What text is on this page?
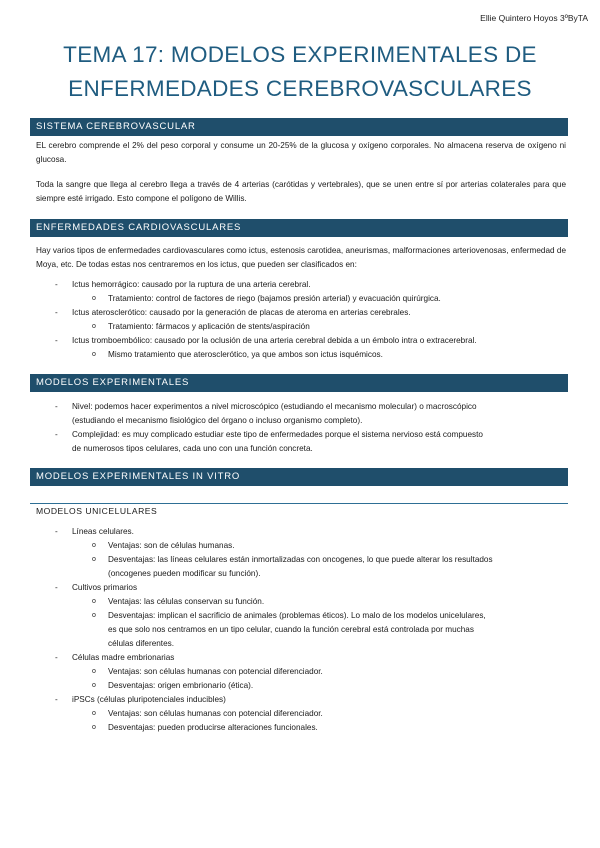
Ellie Quintero Hoyos 3ºByTA
TEMA 17: MODELOS EXPERIMENTALES DE
ENFERMEDADES CEREBROVASCULARES
SISTEMA CEREBROVASCULAR
EL cerebro comprende el 2% del peso corporal y consume un 20-25% de la glucosa y oxígeno corporales. No almacena reserva de oxígeno ni glucosa.
Toda la sangre que llega al cerebro llega a través de 4 arterias (carótidas y vertebrales), que se unen entre sí por arterias colaterales para que siempre esté irrigado. Esto compone el polígono de Willis.
ENFERMEDADES CARDIOVASCULARES
Hay varios tipos de enfermedades cardiovasculares como ictus, estenosis carotidea, aneurismas, malformaciones arteriovenosas, enfermedad de Moya, etc. De todas estas nos centraremos en los ictus, que pueden ser clasificados en:
- Ictus hemorrágico: causado por la ruptura de una arteria cerebral.
o Tratamiento: control de factores de riego (bajamos presión arterial) y evacuación quirúrgica.
- Ictus aterosclerótico: causado por la generación de placas de ateroma en arterias cerebrales.
o Tratamiento: fármacos y aplicación de stents/aspiración
- Ictus tromboembólico: causado por la oclusión de una arteria cerebral debida a un émbolo intra o extracerebral.
o Mismo tratamiento que aterosclerótico, ya que ambos son ictus isquémicos.
MODELOS EXPERIMENTALES
- Nivel: podemos hacer experimentos a nivel microscópico (estudiando el mecanismo molecular) o macroscópico
(estudiando el mecanismo fisiológico del órgano o incluso organismo completo).
- Complejidad: es muy complicado estudiar este tipo de enfermedades porque el sistema nervioso está compuesto
de numerosos tipos celulares, cada uno con una función concreta.
MODELOS EXPERIMENTALES IN VITRO
MODELOS UNICELULARES
- Líneas celulares.
o Ventajas: son de células humanas.
o Desventajas: las líneas celulares están inmortalizadas con oncogenes, lo que puede alterar los resultados
(oncogenes pueden modificar su función).
- Cultivos primarios
o Ventajas: las células conservan su función.
o Desventajas: implican el sacrificio de animales (problemas éticos). Lo malo de los modelos unicelulares,
es que solo nos centramos en un tipo celular, cuando la función cerebral está controlada por muchas
células diferentes.
- Células madre embrionarias
o Ventajas: son células humanas con potencial diferenciador.
o Desventajas: origen embrionario (ética).
- iPSCs (células pluripotenciales inducibles)
o Ventajas: son células humanas con potencial diferenciador.
o Desventajas: pueden producirse alteraciones funcionales.
